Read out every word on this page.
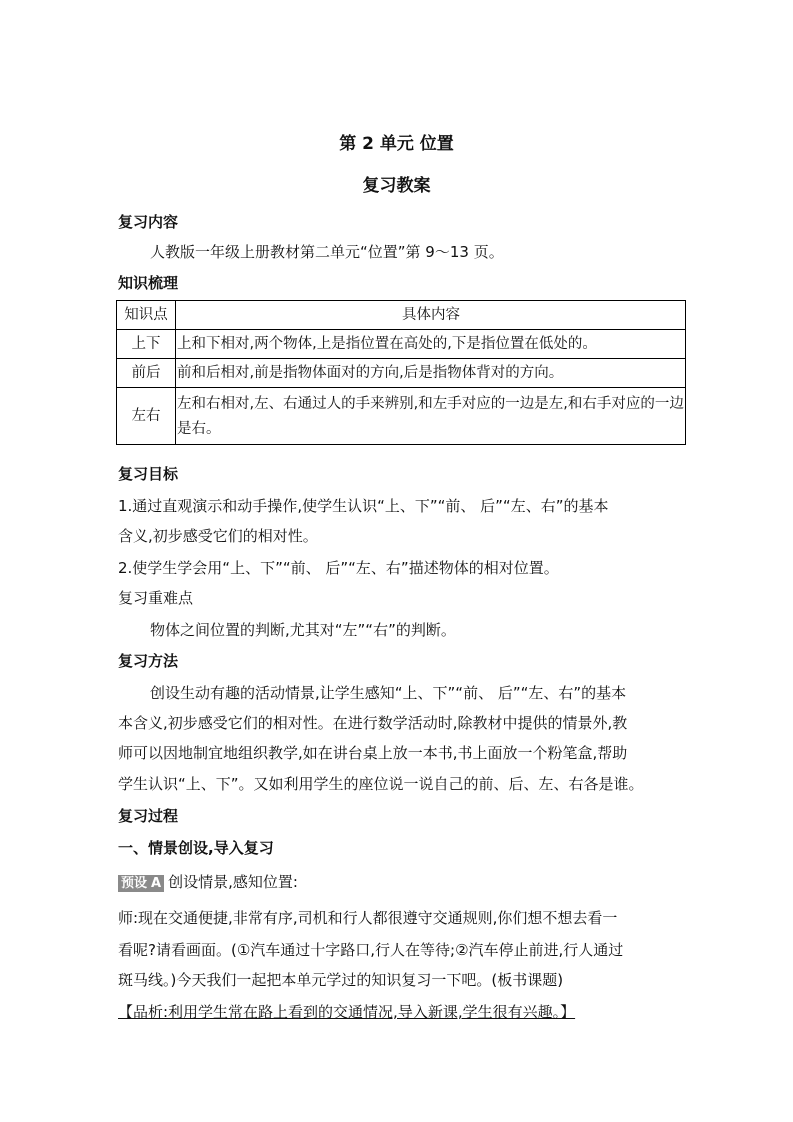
第 2 单元 位置
复习教案
复习内容
人教版一年级上册教材第二单元“位置”第 9～13 页。
知识梳理
知识点	具体内容
上下	上和下相对,两个物体,上是指位置在高处的,下是指位置在低处的。
前后	前和后相对,前是指物体面对的方向,后是指物体背对的方向。
左右	左和右相对,左、右通过人的手来辨别,和左手对应的一边是左,和右手对应的一边是右。
复习目标
1.通过直观演示和动手操作,使学生认识“上、下”“前、 后”“左、右”的基本
含义,初步感受它们的相对性。
2.使学生学会用“上、下”“前、 后”“左、右”描述物体的相对位置。
复习重难点
物体之间位置的判断,尤其对“左”“右”的判断。
复习方法
创设生动有趣的活动情景,让学生感知“上、下”“前、 后”“左、右”的基本
本含义,初步感受它们的相对性。在进行数学活动时,除教材中提供的情景外,教
师可以因地制宜地组织教学,如在讲台桌上放一本书,书上面放一个粉笔盒,帮助
学生认识“上、下”。又如利用学生的座位说一说自己的前、后、左、右各是谁。
复习过程
一、情景创设,导入复习
预设 A 创设情景,感知位置:
师:现在交通便捷,非常有序,司机和行人都很遵守交通规则,你们想不想去看一
看呢?请看画面。(①汽车通过十字路口,行人在等待;②汽车停止前进,行人通过
斑马线。)今天我们一起把本单元学过的知识复习一下吧。(板书课题)
【品析:利用学生常在路上看到的交通情况,导入新课,学生很有兴趣。】
